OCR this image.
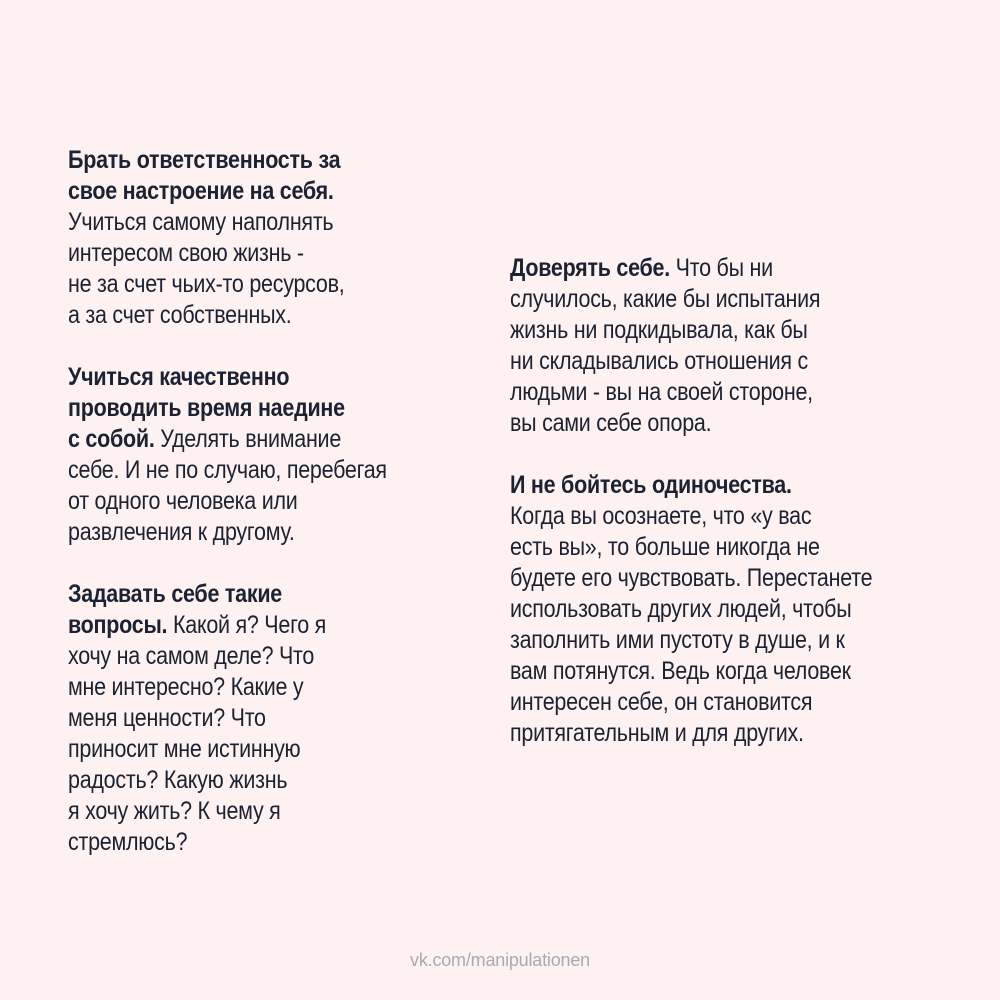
Брать ответственность за
свое настроение на себя.
Учиться самому наполнять
интересом свою жизнь -
не за счет чьих-то ресурсов,
а за счет собственных.

Учиться качественно
проводить время наедине
с собой. Уделять внимание
себе. И не по случаю, перебегая
от одного человека или
развлечения к другому.

Задавать себе такие
вопросы. Какой я? Чего я
хочу на самом деле? Что
мне интересно? Какие у
меня ценности? Что
приносит мне истинную
радость? Какую жизнь
я хочу жить? К чему я
стремлюсь?

Доверять себе. Что бы ни
случилось, какие бы испытания
жизнь ни подкидывала, как бы
ни складывались отношения с
людьми - вы на своей стороне,
вы сами себе опора.

И не бойтесь одиночества.
Когда вы осознаете, что «у вас
есть вы», то больше никогда не
будете его чувствовать. Перестанете
использовать других людей, чтобы
заполнить ими пустоту в душе, и к
вам потянутся. Ведь когда человек
интересен себе, он становится
притягательным и для других.

vk.com/manipulationen
